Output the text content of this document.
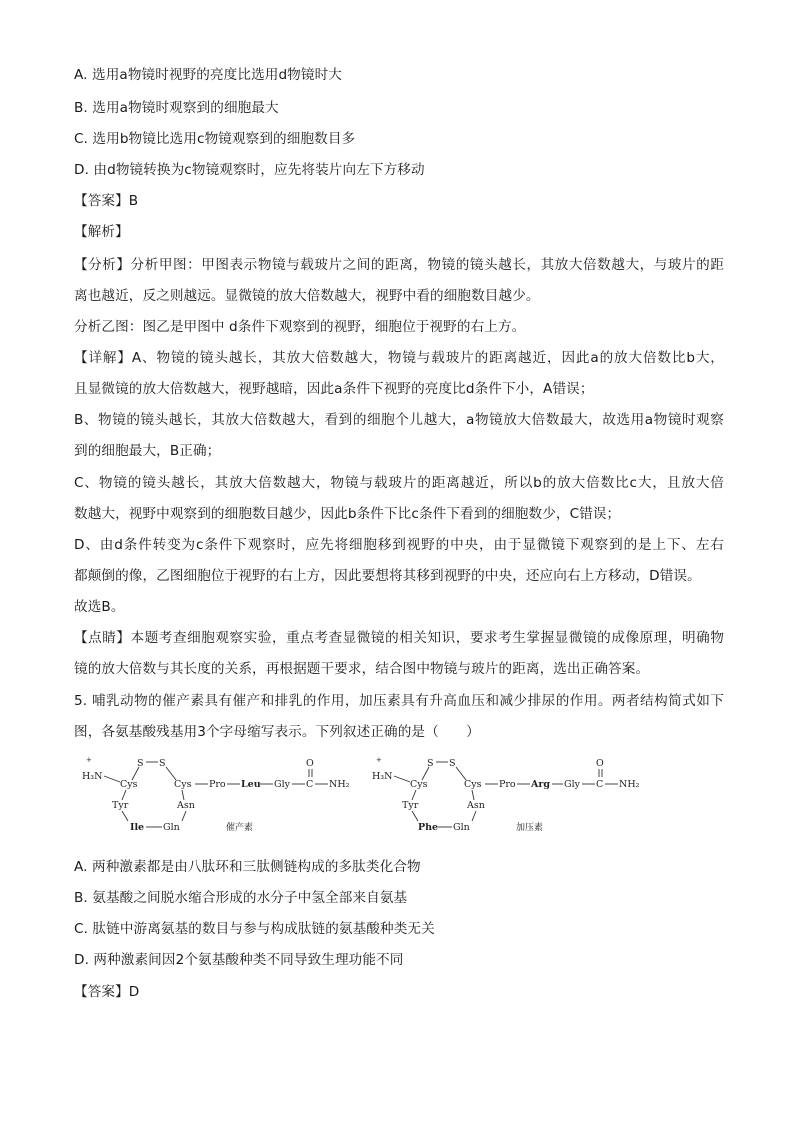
A. 选用a物镜时视野的亮度比选用d物镜时大
B. 选用a物镜时观察到的细胞最大
C. 选用b物镜比选用c物镜观察到的细胞数目多
D. 由d物镜转换为c物镜观察时，应先将装片向左下方移动
【答案】B
【解析】
【分析】分析甲图：甲图表示物镜与载玻片之间的距离，物镜的镜头越长，其放大倍数越大，与玻片的距
离也越近，反之则越远。显微镜的放大倍数越大，视野中看的细胞数目越少。
分析乙图：图乙是甲图中 d条件下观察到的视野，细胞位于视野的右上方。
【详解】A、物镜的镜头越长，其放大倍数越大，物镜与载玻片的距离越近，因此a的放大倍数比b大，
且显微镜的放大倍数越大，视野越暗，因此a条件下视野的亮度比d条件下小，A错误；
B、物镜的镜头越长，其放大倍数越大，看到的细胞个儿越大，a物镜放大倍数最大，故选用a物镜时观察
到的细胞最大，B正确；
C、物镜的镜头越长，其放大倍数越大，物镜与载玻片的距离越近，所以b的放大倍数比c大，且放大倍
数越大，视野中观察到的细胞数目越少，因此b条件下比c条件下看到的细胞数少，C错误；
D、由d条件转变为c条件下观察时，应先将细胞移到视野的中央，由于显微镜下观察到的是上下、左右
都颠倒的像，乙图细胞位于视野的右上方，因此要想将其移到视野的中央，还应向右上方移动，D错误。
故选B。
【点睛】本题考查细胞观察实验，重点考查显微镜的相关知识，要求考生掌握显微镜的成像原理，明确物
镜的放大倍数与其长度的关系，再根据题干要求，结合图中物镜与玻片的距离，选出正确答案。
5. 哺乳动物的催产素具有催产和排乳的作用，加压素具有升高血压和减少排尿的作用。两者结构简式如下
图，各氨基酸残基用3个字母缩写表示。下列叙述正确的是（　　）
+
H₃N
Cys
S S
Cys
Tyr	Asn
Ile Gln
Pro Leu Gly C
O
NH₂
催产素
+
H₃N
Cys
S S
Cys
Tyr	Asn
Phe Gln
Pro Arg Gly C
O
NH₂
加压素
A. 两种激素都是由八肽环和三肽侧链构成的多肽类化合物
B. 氨基酸之间脱水缩合形成的水分子中氢全部来自氨基
C. 肽链中游离氨基的数目与参与构成肽链的氨基酸种类无关
D. 两种激素间因2个氨基酸种类不同导致生理功能不同
【答案】D
